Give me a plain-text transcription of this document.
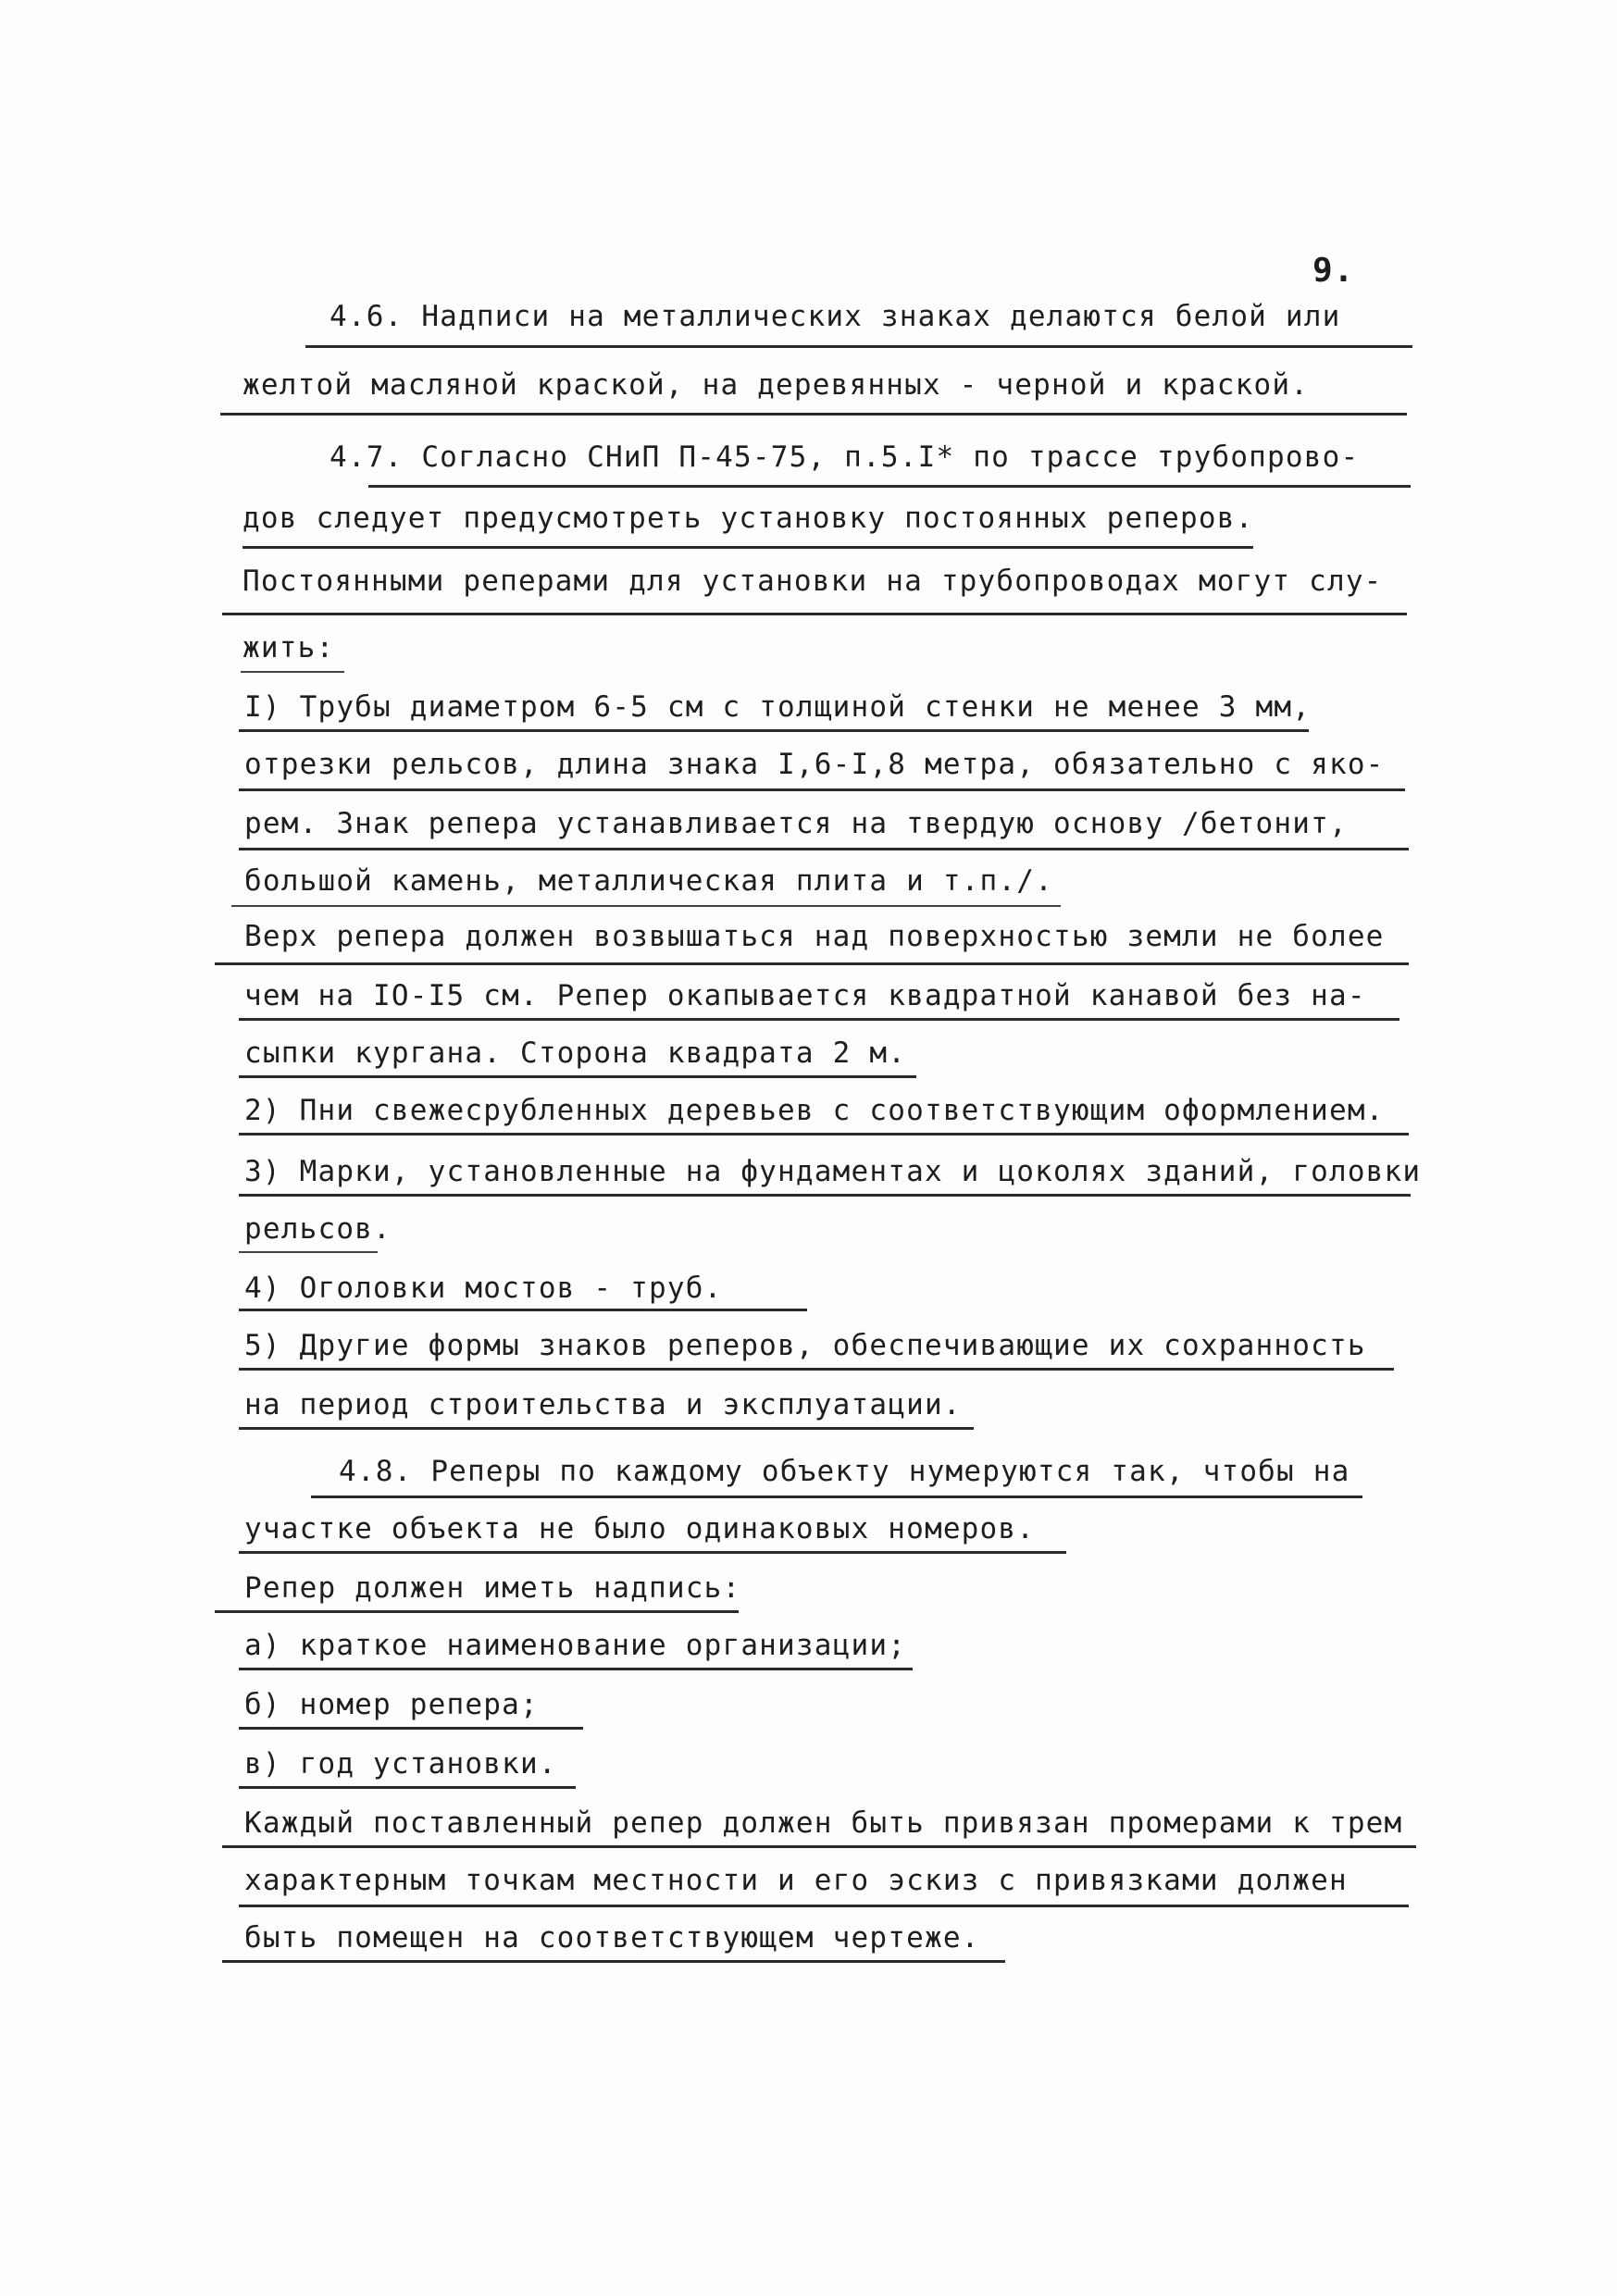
9.
4.6. Надписи на металлических знаках делаются белой или
желтой масляной краской, на деревянных - черной и краской.
4.7. Согласно СНиП П-45-75, п.5.I* по трассе трубопрово-
дов следует предусмотреть установку постоянных реперов.
Постоянными реперами для установки на трубопроводах могут слу-
жить:
I) Трубы диаметром 6-5 см с толщиной стенки не менее 3 мм,
отрезки рельсов, длина знака I,6-I,8 метра, обязательно с яко-
рем. Знак репера устанавливается на твердую основу /бетонит,
большой камень, металлическая плита и т.п./.
Верх репера должен возвышаться над поверхностью земли не более
чем на IO-I5 см. Репер окапывается квадратной канавой без на-
сыпки кургана. Сторона квадрата 2 м.
2) Пни свежесрубленных деревьев с соответствующим оформлением.
3) Марки, установленные на фундаментах и цоколях зданий, головки
рельсов.
4) Оголовки мостов - труб.
5) Другие формы знаков реперов, обеспечивающие их сохранность
на период строительства и эксплуатации.
4.8. Реперы по каждому объекту нумеруются так, чтобы на
участке объекта не было одинаковых номеров.
Репер должен иметь надпись:
а) краткое наименование организации;
б) номер репера;
в) год установки.
Каждый поставленный репер должен быть привязан промерами к трем
характерным точкам местности и его эскиз с привязками должен
быть помещен на соответствующем чертеже.
